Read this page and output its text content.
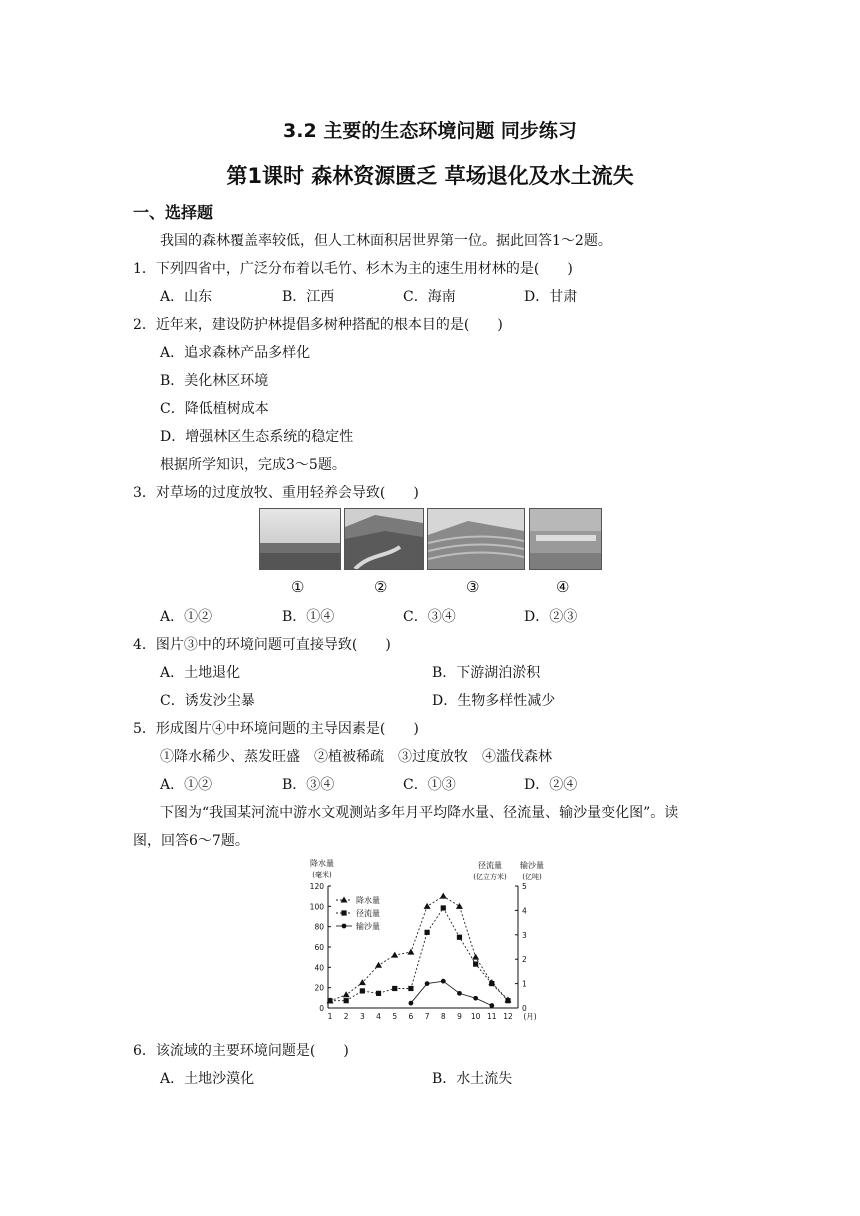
3.2 主要的生态环境问题 同步练习
第1课时 森林资源匮乏 草场退化及水土流失
一、选择题
我国的森林覆盖率较低，但人工林面积居世界第一位。据此回答1～2题。
1．下列四省中，广泛分布着以毛竹、杉木为主的速生用材林的是(　　)
A．山东	B．江西	C．海南	D．甘肃
2．近年来，建设防护林提倡多树种搭配的根本目的是(　　)
A．追求森林产品多样化
B．美化林区环境
C．降低植树成本
D．增强林区生态系统的稳定性
根据所学知识，完成3～5题。
3．对草场的过度放牧、重用轻养会导致(　　)
①	②	③	④
A．①②	B．①④	C．③④	D．②③
4．图片③中的环境问题可直接导致(　　)
A．土地退化	B．下游湖泊淤积
C．诱发沙尘暴	D．生物多样性减少
5．形成图片④中环境问题的主导因素是(　　)
①降水稀少、蒸发旺盛　②植被稀疏　③过度放牧　④滥伐森林
A．①②	B．③④	C．①③	D．②④
下图为“我国某河流中游水文观测站多年月平均降水量、径流量、输沙量变化图”。读
图，回答6～7题。
0
20
40
60
80
100
120
0
1
2
3
4
5
1 2 3 4 5 6 7 8 9 10 11 12 (月)
降水量
(毫米)
径流量
(亿立方米)
输沙量
(亿吨)
降水量
径流量
输沙量
6．该流域的主要环境问题是(　　)
A．土地沙漠化	B．水土流失
